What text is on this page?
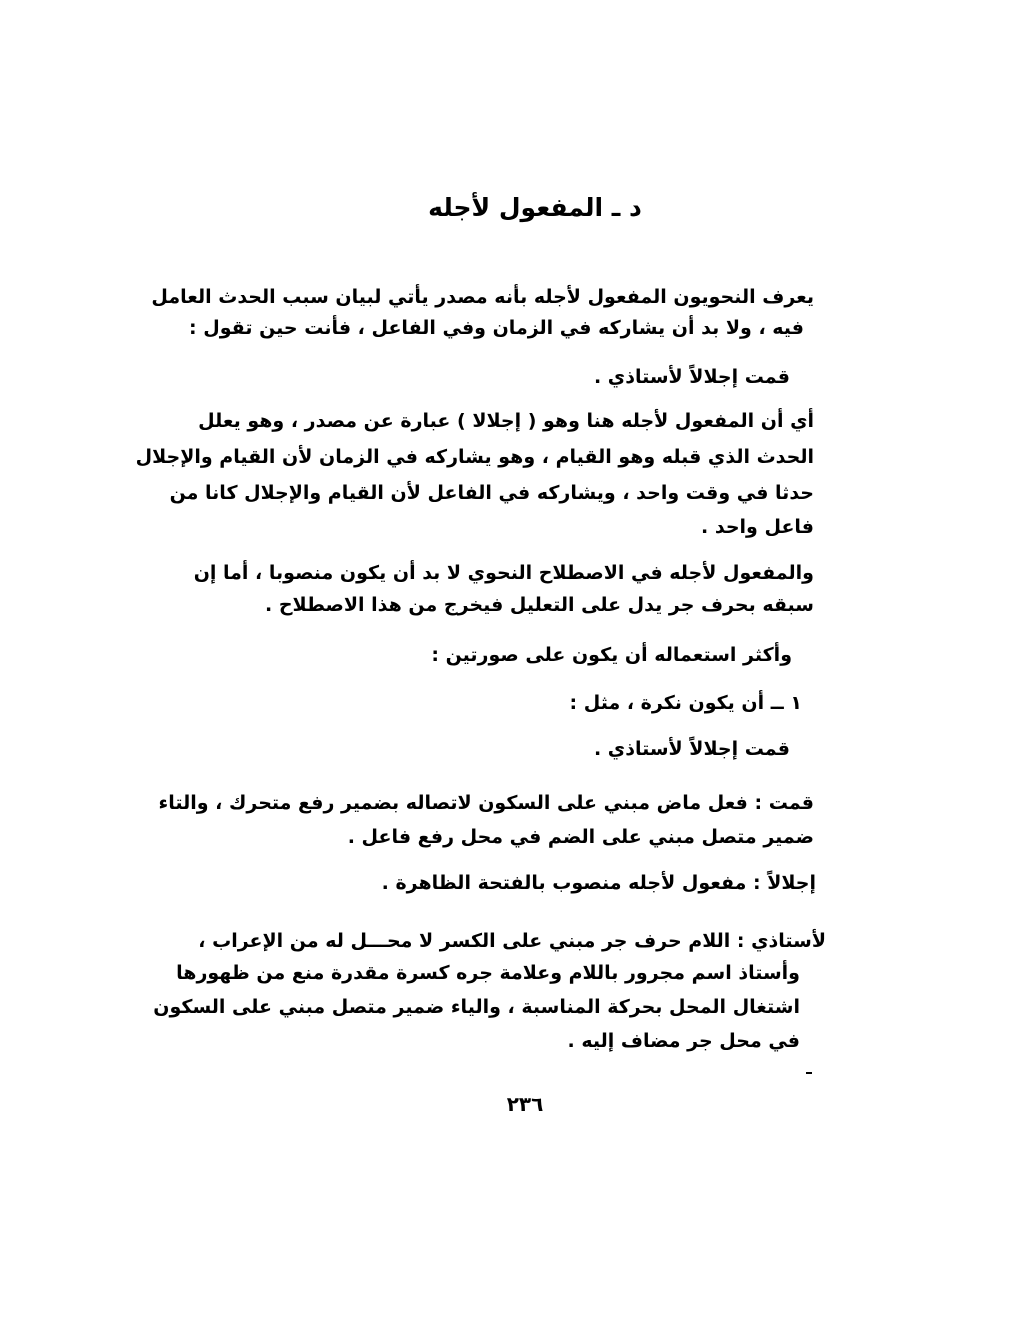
د ـ المفعول لأجله
يعرف النحويون المفعول لأجله بأنه مصدر يأتي لبيان سبب الحدث العامل
فيه ، ولا بد أن يشاركه في الزمان وفي الفاعل ، فأنت حين تقول :
قمت إجلالاً لأستاذي .
أي أن المفعول لأجله هنا وهو ( إجلالا ) عبارة عن مصدر ، وهو يعلل
الحدث الذي قبله وهو القيام ، وهو يشاركه في الزمان لأن القيام والإجلال
حدثا في وقت واحد ، ويشاركه في الفاعل لأن القيام والإجلال كانا من
فاعل واحد .
والمفعول لأجله في الاصطلاح النحوي لا بد أن يكون منصوبا ، أما إن
سبقه بحرف جر يدل على التعليل فيخرج من هذا الاصطلاح .
وأكثر استعماله أن يكون على صورتين :
١ ــ أن يكون نكرة ، مثل :
قمت إجلالاً لأستاذي .
قمت : فعل ماض مبني على السكون لاتصاله بضمير رفع متحرك ، والتاء
ضمير متصل مبني على الضم في محل رفع فاعل .
إجلالاً : مفعول لأجله منصوب بالفتحة الظاهرة .
لأستاذي : اللام حرف جر مبني على الكسر لا محـــل له من الإعراب ،
وأستاذ اسم مجرور باللام وعلامة جره كسرة مقدرة منع من ظهورها
اشتغال المحل بحركة المناسبة ، والياء ضمير متصل مبني على السكون
في محل جر مضاف إليه .
٢٣٦
